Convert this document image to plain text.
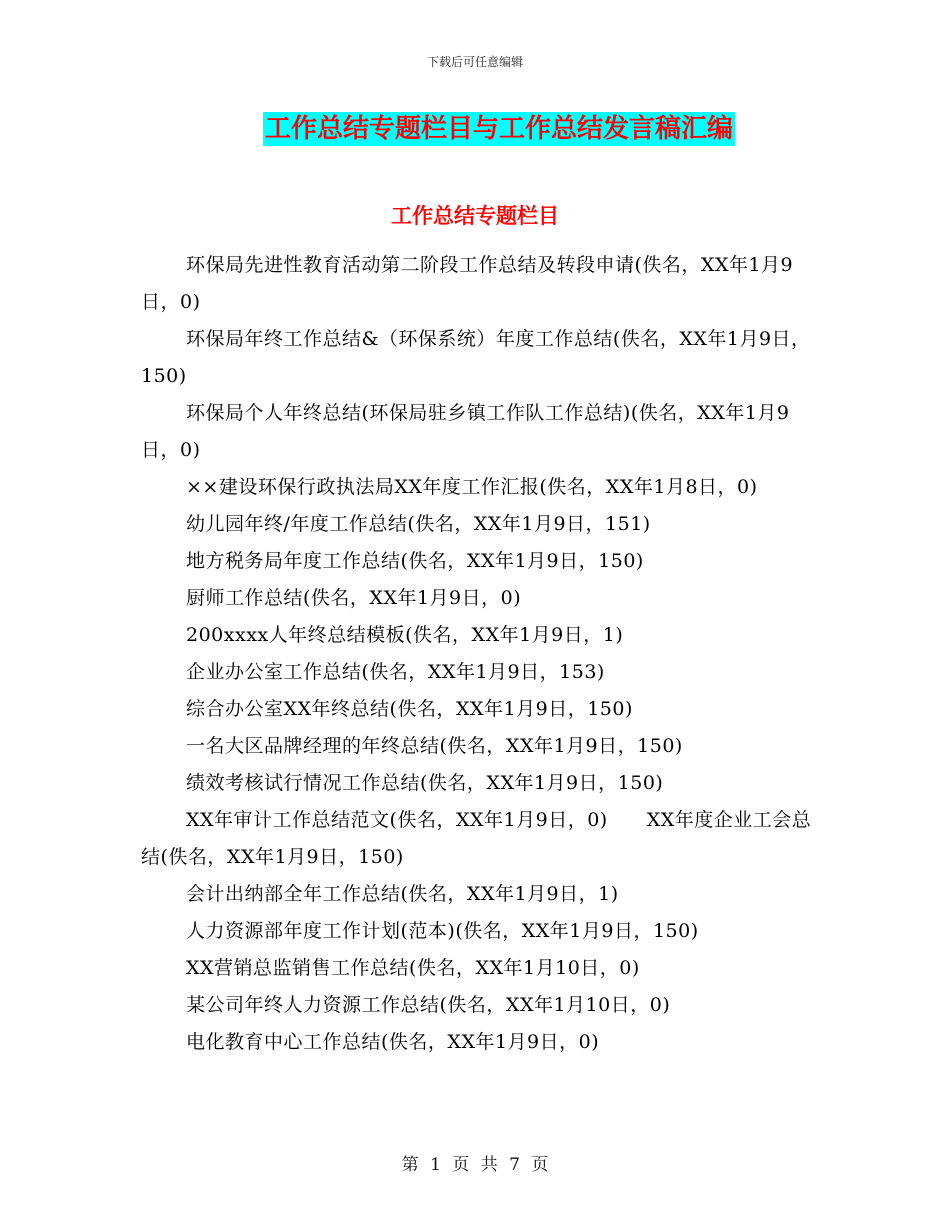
下载后可任意编辑
工作总结专题栏目与工作总结发言稿汇编
工作总结专题栏目

环保局先进性教育活动第二阶段工作总结及转段申请(佚名，XX年1月9日，0)

环保局年终工作总结&（环保系统）年度工作总结(佚名，XX年1月9日，150)

环保局个人年终总结(环保局驻乡镇工作队工作总结)(佚名，XX年1月9日，0)

××建设环保行政执法局XX年度工作汇报(佚名，XX年1月8日，0)

幼儿园年终/年度工作总结(佚名，XX年1月9日，151)

地方税务局年度工作总结(佚名，XX年1月9日，150)

厨师工作总结(佚名，XX年1月9日，0)

200xxxx人年终总结模板(佚名，XX年1月9日，1)

企业办公室工作总结(佚名，XX年1月9日，153)

综合办公室XX年终总结(佚名，XX年1月9日，150)

一名大区品牌经理的年终总结(佚名，XX年1月9日，150)

绩效考核试行情况工作总结(佚名，XX年1月9日，150)

XX年审计工作总结范文(佚名，XX年1月9日，0)　　XX年度企业工会总结(佚名，XX年1月9日，150)

会计出纳部全年工作总结(佚名，XX年1月9日，1)

人力资源部年度工作计划(范本)(佚名，XX年1月9日，150)

XX营销总监销售工作总结(佚名，XX年1月10日，0)

某公司年终人力资源工作总结(佚名，XX年1月10日，0)

电化教育中心工作总结(佚名，XX年1月9日，0)

第 1 页 共 7 页
